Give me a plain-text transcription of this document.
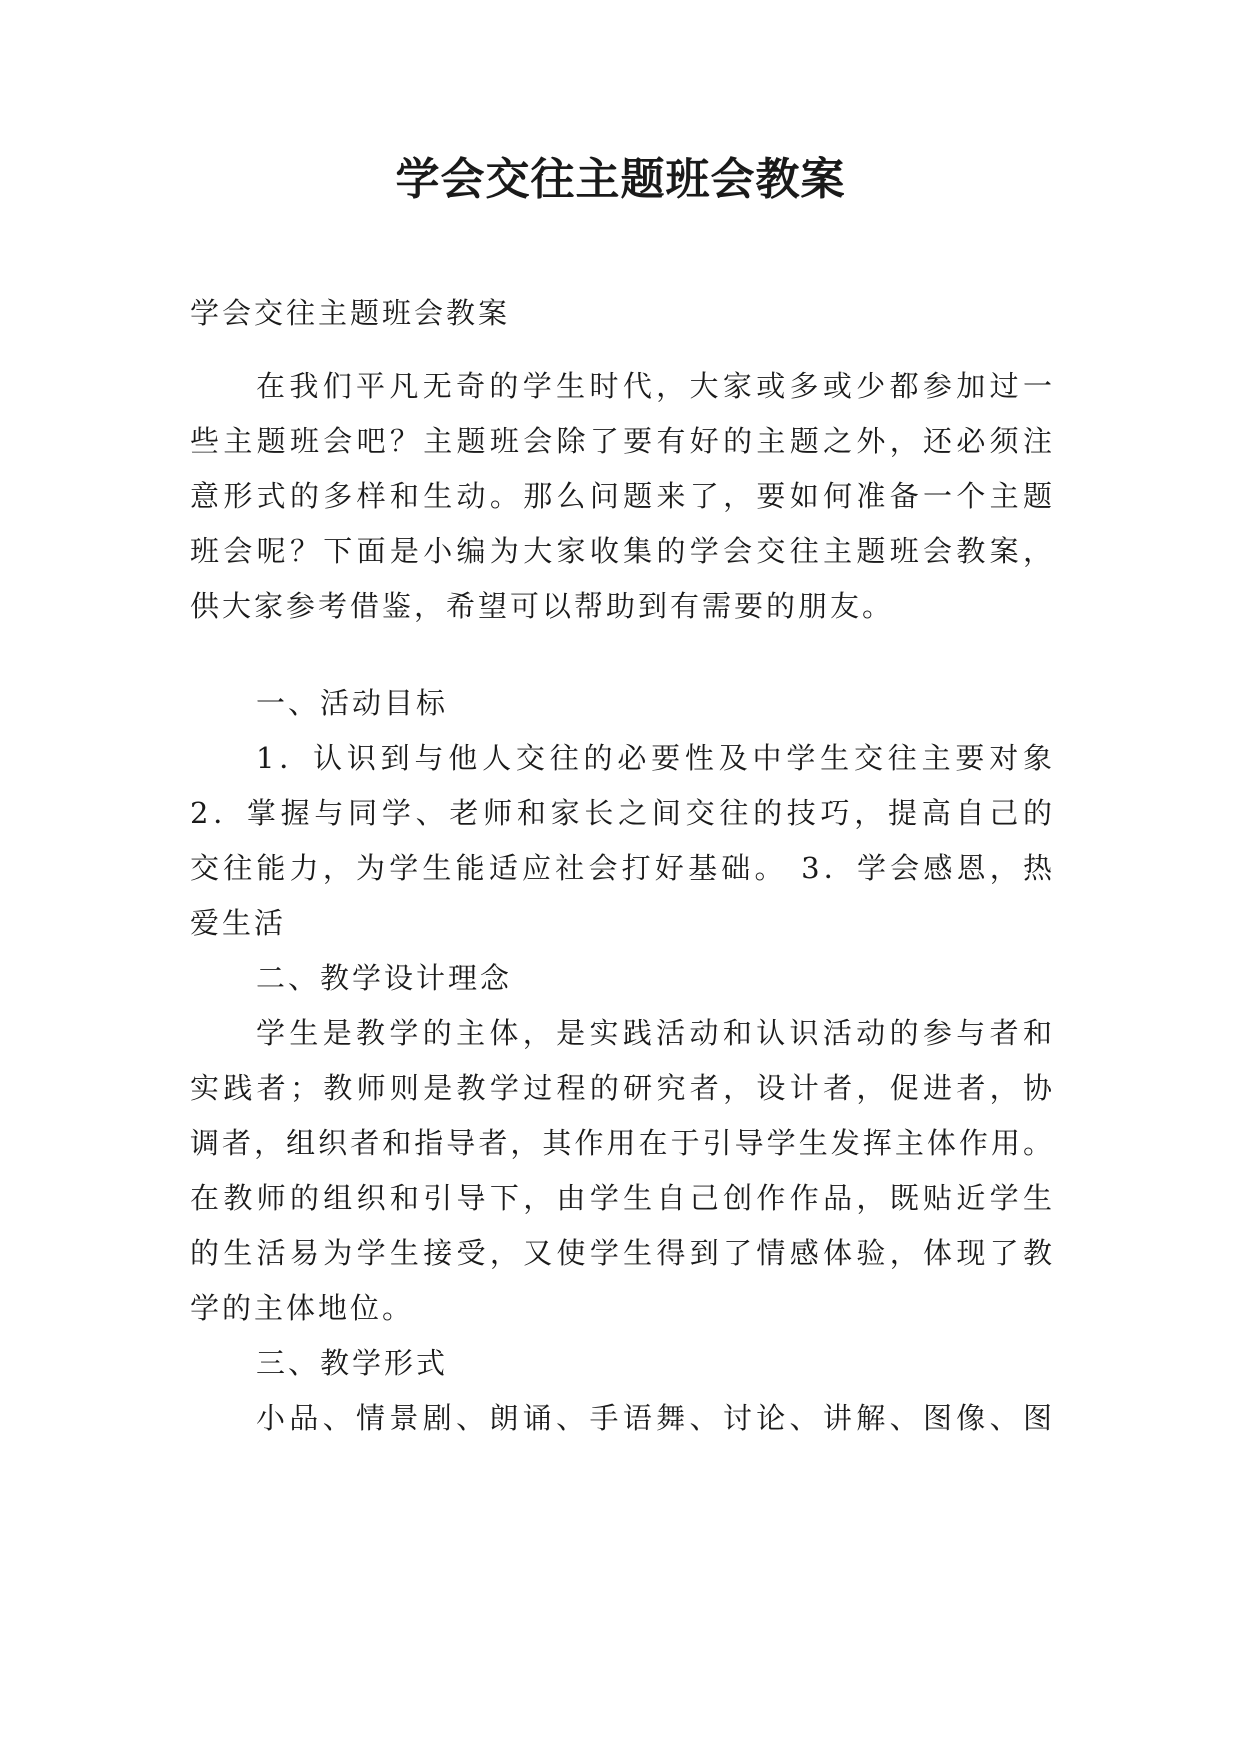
学会交往主题班会教案
学会交往主题班会教案
在我们平凡无奇的学生时代，大家或多或少都参加过一
些主题班会吧？主题班会除了要有好的主题之外，还必须注
意形式的多样和生动。那么问题来了，要如何准备一个主题
班会呢？下面是小编为大家收集的学会交往主题班会教案，
供大家参考借鉴，希望可以帮助到有需要的朋友。
一、活动目标
1．认识到与他人交往的必要性及中学生交往主要对象
2．掌握与同学、老师和家长之间交往的技巧，提高自己的
交往能力，为学生能适应社会打好基础。 3．学会感恩，热
爱生活
二、教学设计理念
学生是教学的主体，是实践活动和认识活动的参与者和
实践者；教师则是教学过程的研究者，设计者，促进者，协
调者，组织者和指导者，其作用在于引导学生发挥主体作用。
在教师的组织和引导下，由学生自己创作作品，既贴近学生
的生活易为学生接受，又使学生得到了情感体验，体现了教
学的主体地位。
三、教学形式
小品、情景剧、朗诵、手语舞、讨论、讲解、图像、图
